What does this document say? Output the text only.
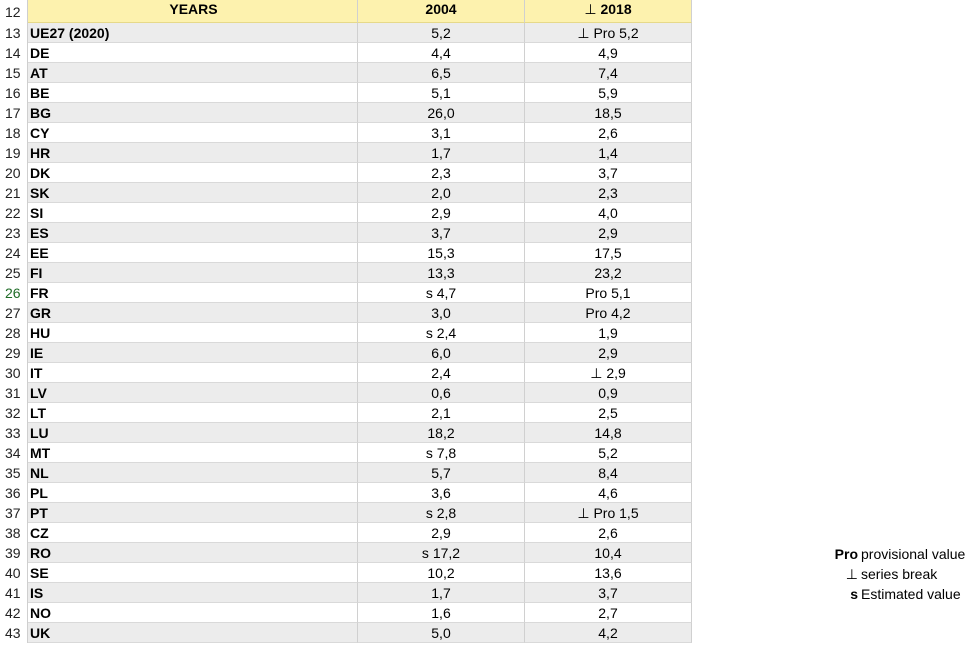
12	YEARS	2004	⊥ 2018
13 UE27 (2020)	5,2	⊥ Pro 5,2
14 DE	4,4	4,9
15 AT	6,5	7,4
16 BE	5,1	5,9
17 BG	26,0	18,5
18 CY	3,1	2,6
19 HR	1,7	1,4
20 DK	2,3	3,7
21 SK	2,0	2,3
22 SI	2,9	4,0
23 ES	3,7	2,9
24 EE	15,3	17,5
25 FI	13,3	23,2
26 FR	s 4,7	Pro 5,1
27 GR	3,0	Pro 4,2
28 HU	s 2,4	1,9
29 IE	6,0	2,9
30 IT	2,4	⊥ 2,9
31 LV	0,6	0,9
32 LT	2,1	2,5
33 LU	18,2	14,8
34 MT	s 7,8	5,2
35 NL	5,7	8,4
36 PL	3,6	4,6
37 PT	s 2,8	⊥ Pro 1,5
38 CZ	2,9	2,6
39 RO	s 17,2	10,4
40 SE	10,2	13,6
41 IS	1,7	3,7
42 NO	1,6	2,7
43 UK	5,0	4,2
Pro provisional value
⊥ series break
s Estimated value
